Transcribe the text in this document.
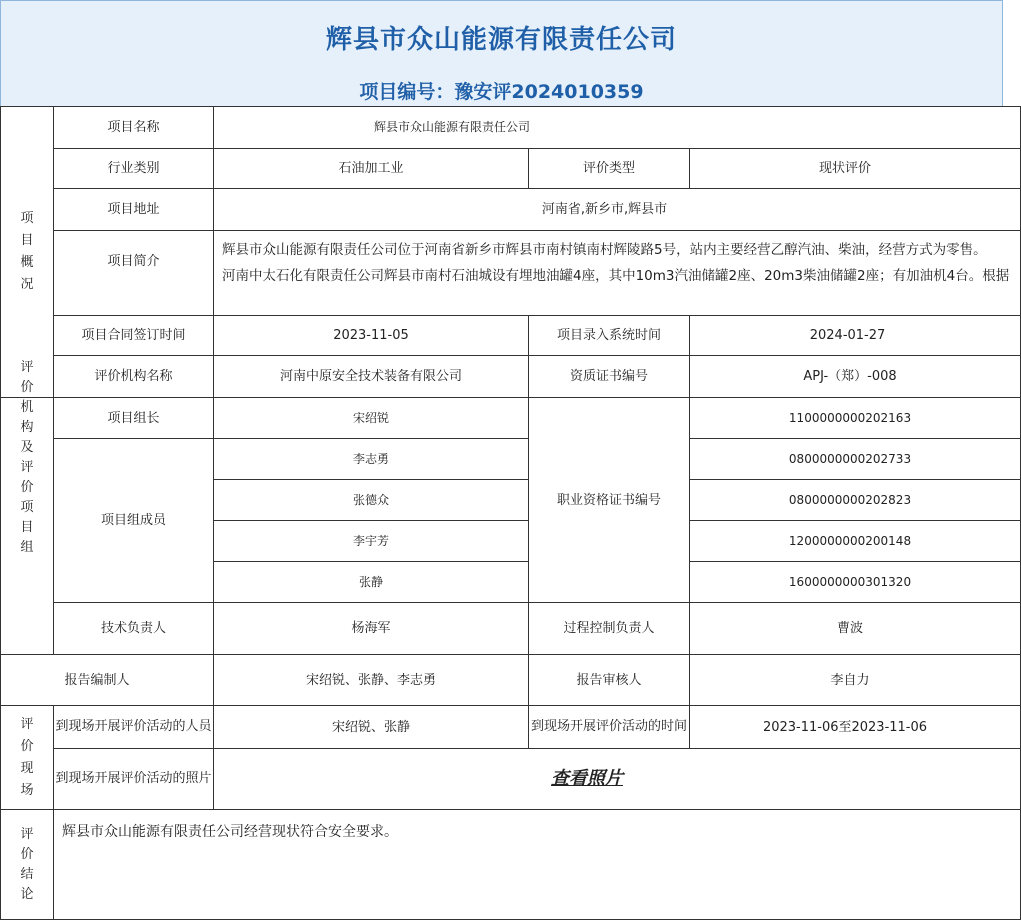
辉县市众山能源有限责任公司
项目编号：豫安评2024010359
项目概况	项目名称	辉县市众山能源有限责任公司		
	行业类别	石油加工业	评价类型	现状评价
	项目地址	河南省,新乡市,辉县市		
	项目简介	辉县市众山能源有限责任公司位于河南省新乡市辉县市南村镇南村辉陵路5号，站内主要经营乙醇汽油、柴油，经营方式为零售。
河南中太石化有限责任公司辉县市南村石油城设有埋地油罐4座，其中10m3汽油储罐2座、20m3柴油储罐2座；有加油机4台。根据		

	项目合同签订时间	2023-11-05	项目录入系统时间	2024-01-27
	评价机构名称	河南中原安全技术装备有限公司	资质证书编号	APJ-（郑）-008
评价机构及评价项目组	项目组长	宋绍锐	职业资格证书编号	1100000000202163
	项目组成员	李志勇		0800000000202733
		张德众		0800000000202823
		李宇芳		1200000000200148
		张静		1600000000301320
	技术负责人	杨海军	过程控制负责人	曹波
报告编制人		宋绍锐、张静、李志勇	报告审核人	李自力

评价现场	到现场开展评价活动的人员	宋绍锐、张静	到现场开展评价活动的时间	2023-11-06至2023-11-06
	到现场开展评价活动的照片	查看照片		

评价结论	辉县市众山能源有限责任公司经营现状符合安全要求。			
